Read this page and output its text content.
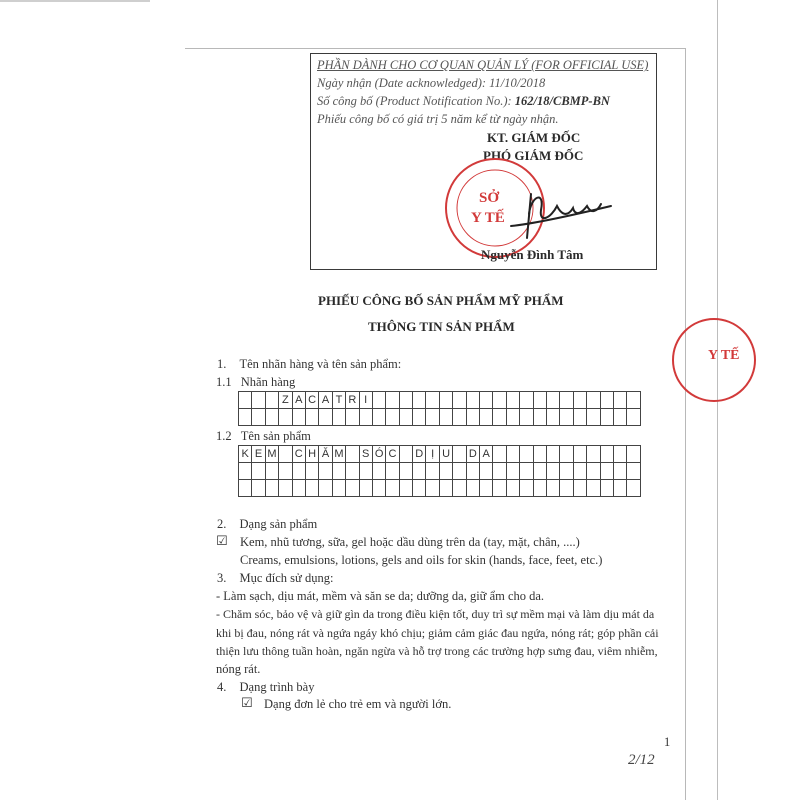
Y TẾ
PHẦN DÀNH CHO CƠ QUAN QUẢN LÝ (FOR OFFICIAL USE)
Ngày nhận (Date acknowledged): 11/10/2018
Số công bố (Product Notification No.): 162/18/CBMP-BN
Phiếu công bố có giá trị 5 năm kể từ ngày nhận.
KT. GIÁM ĐỐC
PHÓ GIÁM ĐỐC
SỞ
Y TẾ
Nguyễn Đình Tâm
PHIẾU CÔNG BỐ SẢN PHẨM MỸ PHẨM
THÔNG TIN SẢN PHẨM
1. Tên nhãn hàng và tên sản phẩm:
1.1 Nhãn hàng
			Z	A	C	A	T	R	I																				

1.2 Tên sản phẩm
K	E	M		C	H	Ă	M		S	Ó	C		D	Ị	U		D	A											

2. Dạng sản phẩm
☑ Kem, nhũ tương, sữa, gel hoặc dầu dùng trên da (tay, mặt, chân, ....)
Creams, emulsions, lotions, gels and oils for skin (hands, face, feet, etc.)
3. Mục đích sử dụng:
- Làm sạch, dịu mát, mềm và săn se da; dưỡng da, giữ ẩm cho da.
- Chăm sóc, bảo vệ và giữ gìn da trong điều kiện tốt, duy trì sự mềm mại và làm dịu mát da
khi bị đau, nóng rát và ngứa ngáy khó chịu; giảm cảm giác đau ngứa, nóng rát; góp phần cải
thiện lưu thông tuần hoàn, ngăn ngừa và hỗ trợ trong các trường hợp sưng đau, viêm nhiễm,
nóng rát.
4. Dạng trình bày
☑ Dạng đơn lẻ cho trẻ em và người lớn.
1
2/12
